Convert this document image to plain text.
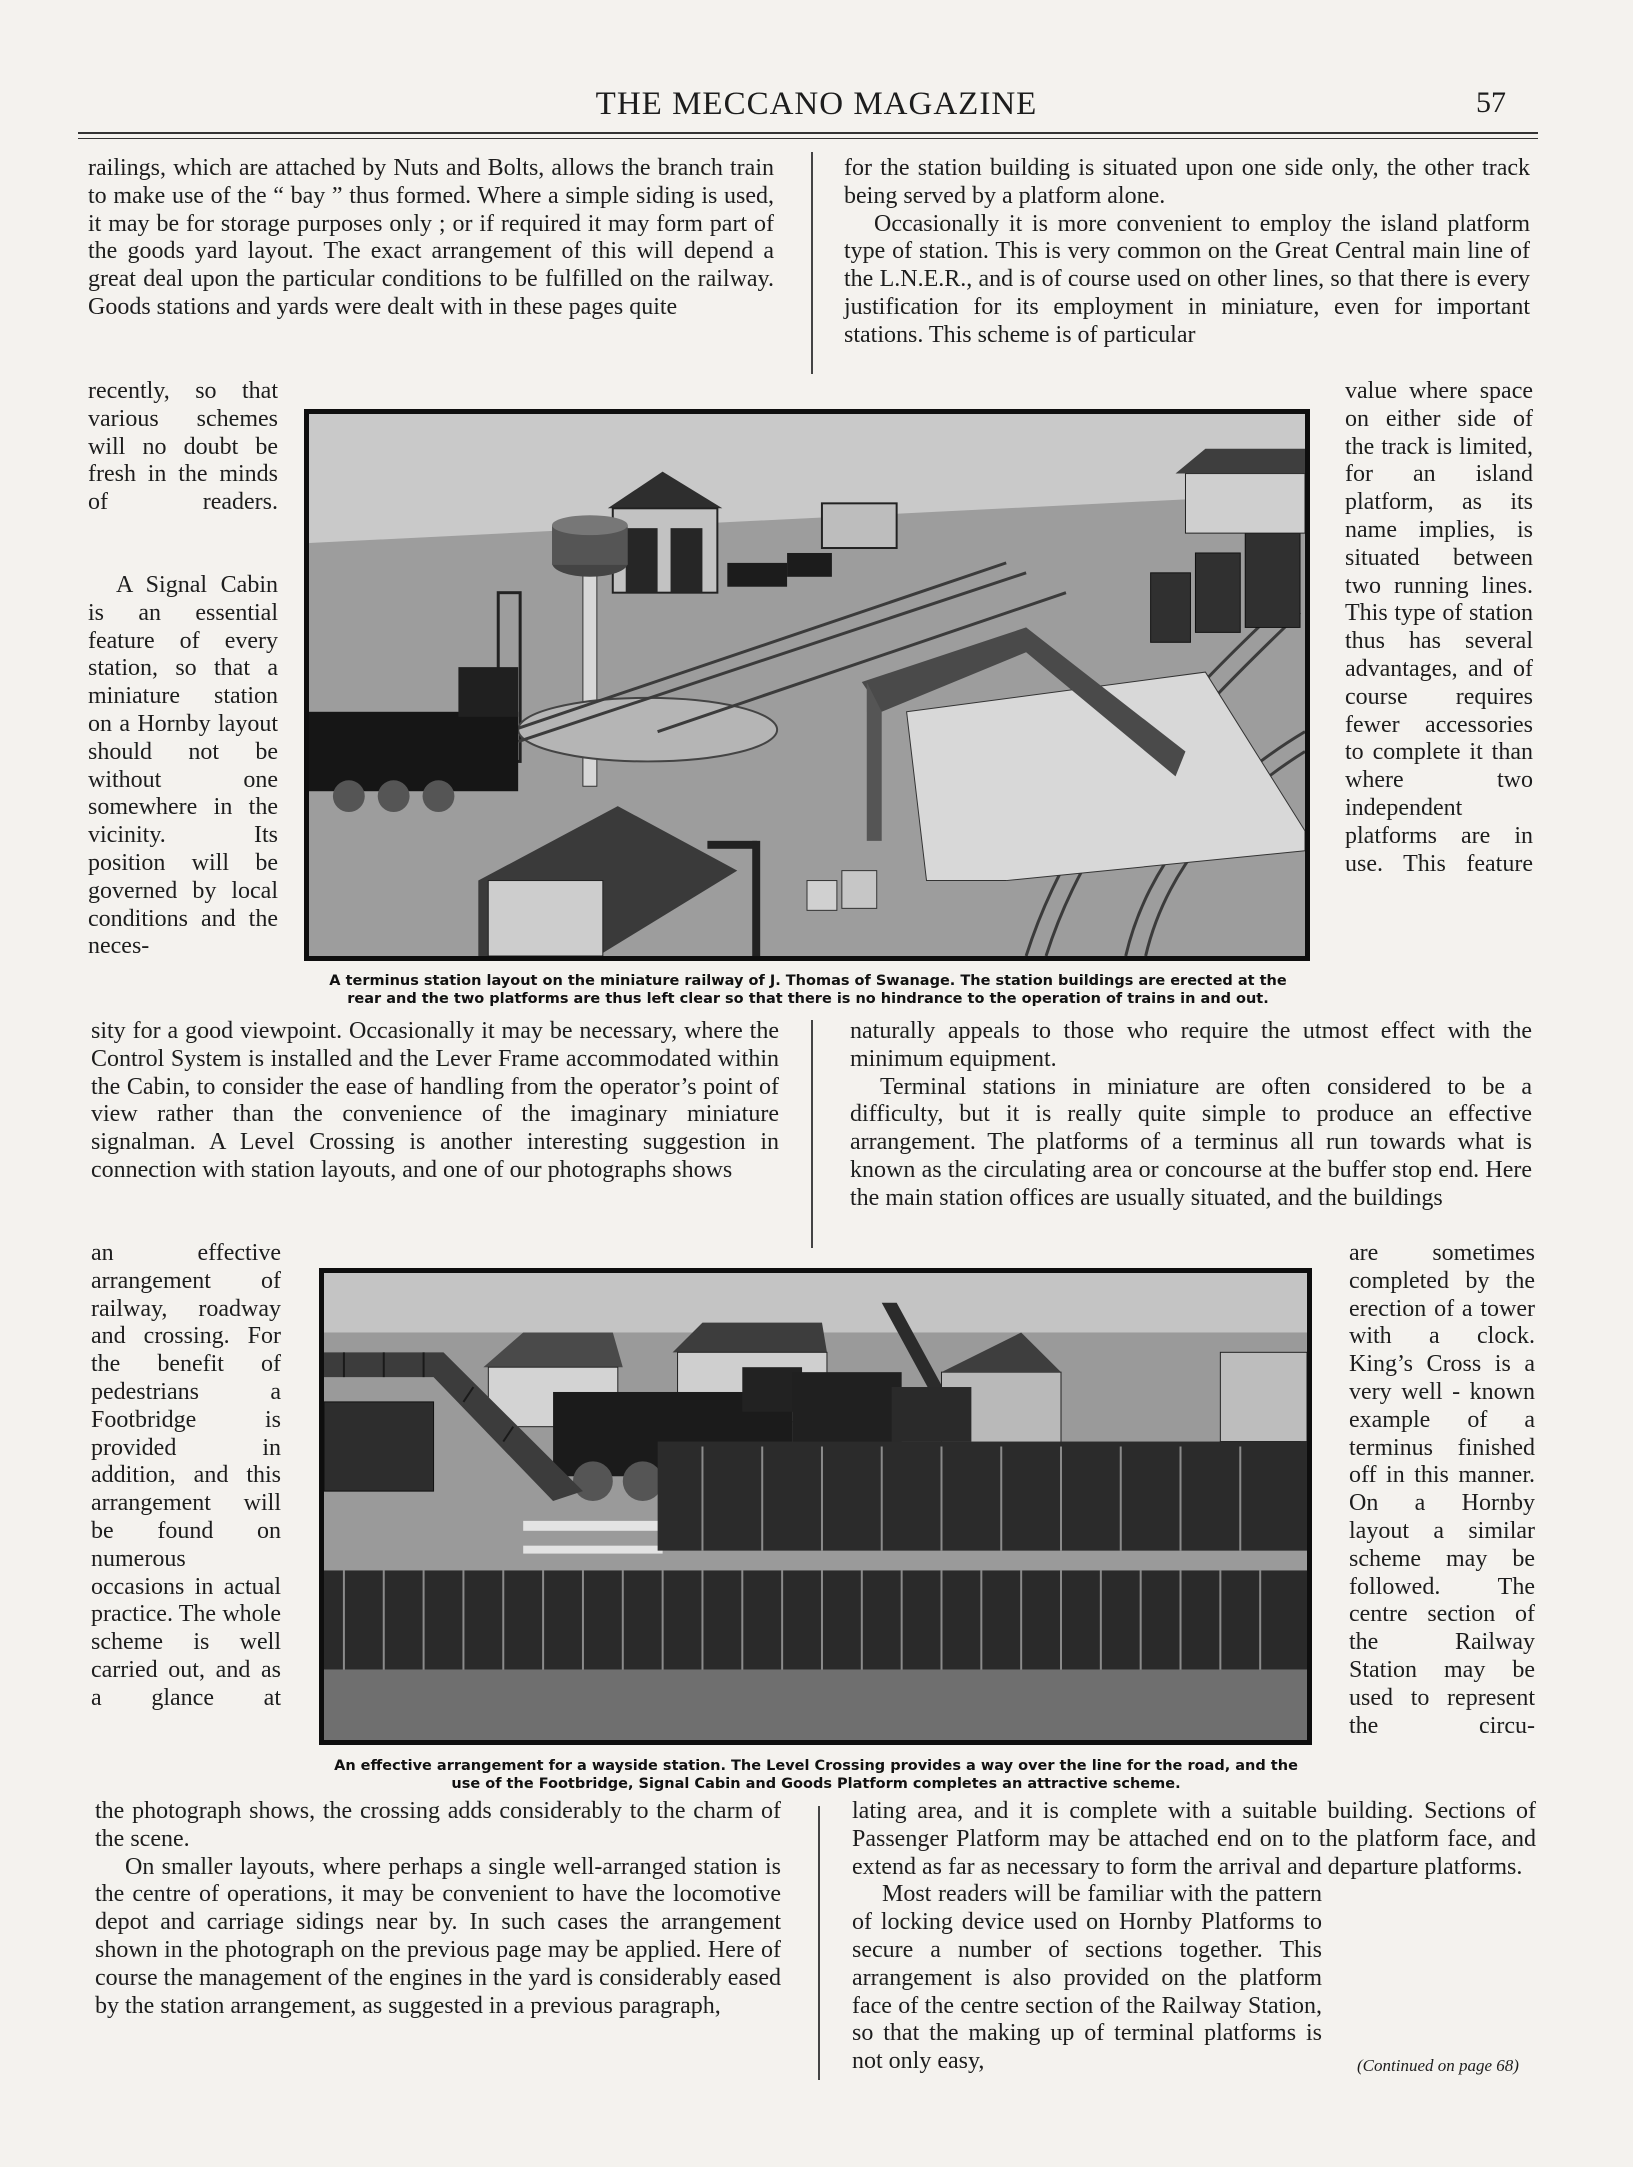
THE MECCANO MAGAZINE	57

railings, which are attached by Nuts and Bolts, allows the branch train to make use of the “ bay ” thus formed. Where a simple siding is used, it may be for storage purposes only ; or if required it may form part of the goods yard layout. The exact arrangement of this will depend a great deal upon the particular conditions to be fulfilled on the railway. Goods stations and yards were dealt with in these pages quite

recently, so that various schemes will no doubt be fresh in the minds of readers.

A Signal Cabin is an essential feature of every station, so that a miniature station on a Hornby layout should not be without one somewhere in the vicinity. Its position will be governed by local conditions and the neces-

sity for a good viewpoint. Occasionally it may be necessary, where the Control System is installed and the Lever Frame accommodated within the Cabin, to consider the ease of handling from the operator’s point of view rather than the convenience of the imaginary miniature signalman. A Level Crossing is another interesting suggestion in connection with station layouts, and one of our photographs shows

an effective arrangement of railway, roadway and crossing. For the benefit of pedestrians a Footbridge is provided in addition, and this arrangement will be found on numerous occasions in actual practice. The whole scheme is well carried out, and as a glance at

the photograph shows, the crossing adds considerably to the charm of the scene.

On smaller layouts, where perhaps a single well-arranged station is the centre of operations, it may be convenient to have the locomotive depot and carriage sidings near by. In such cases the arrangement shown in the photograph on the previous page may be applied. Here of course the management of the engines in the yard is considerably eased by the station arrangement, as suggested in a previous paragraph,

for the station building is situated upon one side only, the other track being served by a platform alone.

Occasionally it is more convenient to employ the island platform type of station. This is very common on the Great Central main line of the L.N.E.R., and is of course used on other lines, so that there is every justification for its employment in miniature, even for important stations. This scheme is of particular

value where space on either side of the track is limited, for an island platform, as its name implies, is situated between two running lines. This type of station thus has several advantages, and of course requires fewer accessories to complete it than where two independent platforms are in use. This feature

naturally appeals to those who require the utmost effect with the minimum equipment.

Terminal stations in miniature are often considered to be a difficulty, but it is really quite simple to produce an effective arrangement. The platforms of a terminus all run towards what is known as the circulating area or concourse at the buffer stop end. Here the main station offices are usually situated, and the buildings

are sometimes completed by the erection of a tower with a clock. King’s Cross is a very well - known example of a terminus finished off in this manner. On a Hornby layout a similar scheme may be followed. The centre section of the Railway Station may be used to represent the circu-

lating area, and it is complete with a suitable building. Sections of Passenger Platform may be attached end on to the platform face, and extend as far as necessary to form the arrival and departure platforms.

Most readers will be familiar with the pattern of locking device used on Hornby Platforms to secure a number of sections together. This arrangement is also provided on the platform face of the centre section of the Railway Station, so that the making up of terminal platforms is not only easy,	(Continued on page 68)
A terminus station layout on the miniature railway of J. Thomas of Swanage. The station buildings are erected at the
rear and the two platforms are thus left clear so that there is no hindrance to the operation of trains in and out.
An effective arrangement for a wayside station. The Level Crossing provides a way over the line for the road, and the
use of the Footbridge, Signal Cabin and Goods Platform completes an attractive scheme.
